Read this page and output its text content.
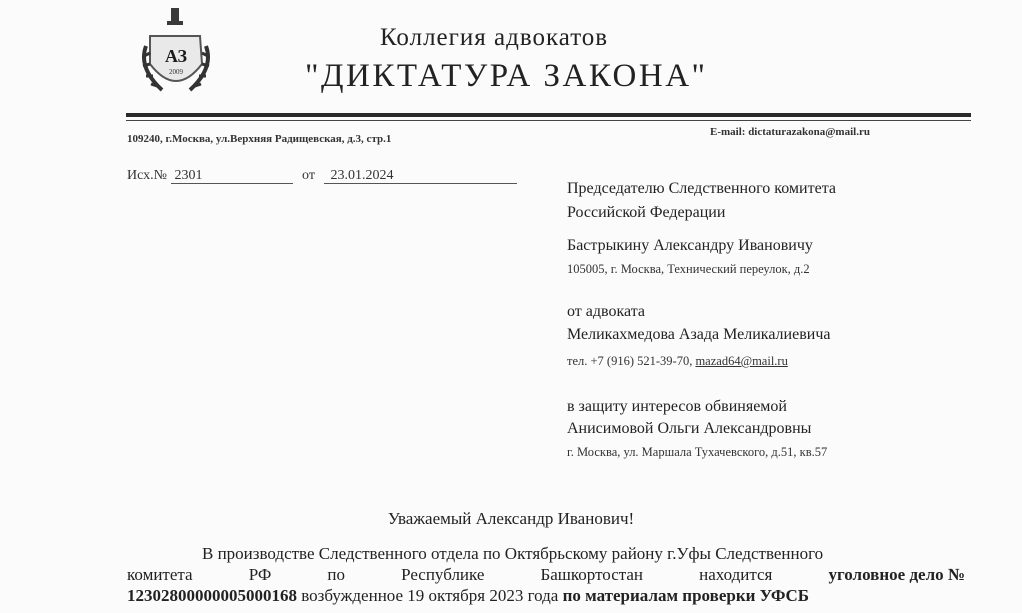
АЗ
2009
Коллегия адвокатов
"ДИКТАТУРА ЗАКОНА"
E-mail: dictaturazakona@mail.ru
109240, г.Москва, ул.Верхняя Радищевская, д.3, стр.1
Исх.№ 2301	от 23.01.2024
Председателю Следственного комитета
Российской Федерации
Бастрыкину Александру Ивановичу
105005, г. Москва, Технический переулок, д.2
от адвоката
Меликахмедова Азада Меликалиевича
тел. +7 (916) 521-39-70, mazad64@mail.ru
в защиту интересов обвиняемой
Анисимовой Ольги Александровны
г. Москва, ул. Маршала Тухачевского, д.51, кв.57
Уважаемый Александр Иванович!
В производстве Следственного отдела по Октябрьскому району г.Уфы Следственного
комитета	РФ	по	Республике	Башкортостан	находится	уголовное дело №
12302800000005000168 возбужденное 19 октября 2023 года по материалам проверки УФСБ
